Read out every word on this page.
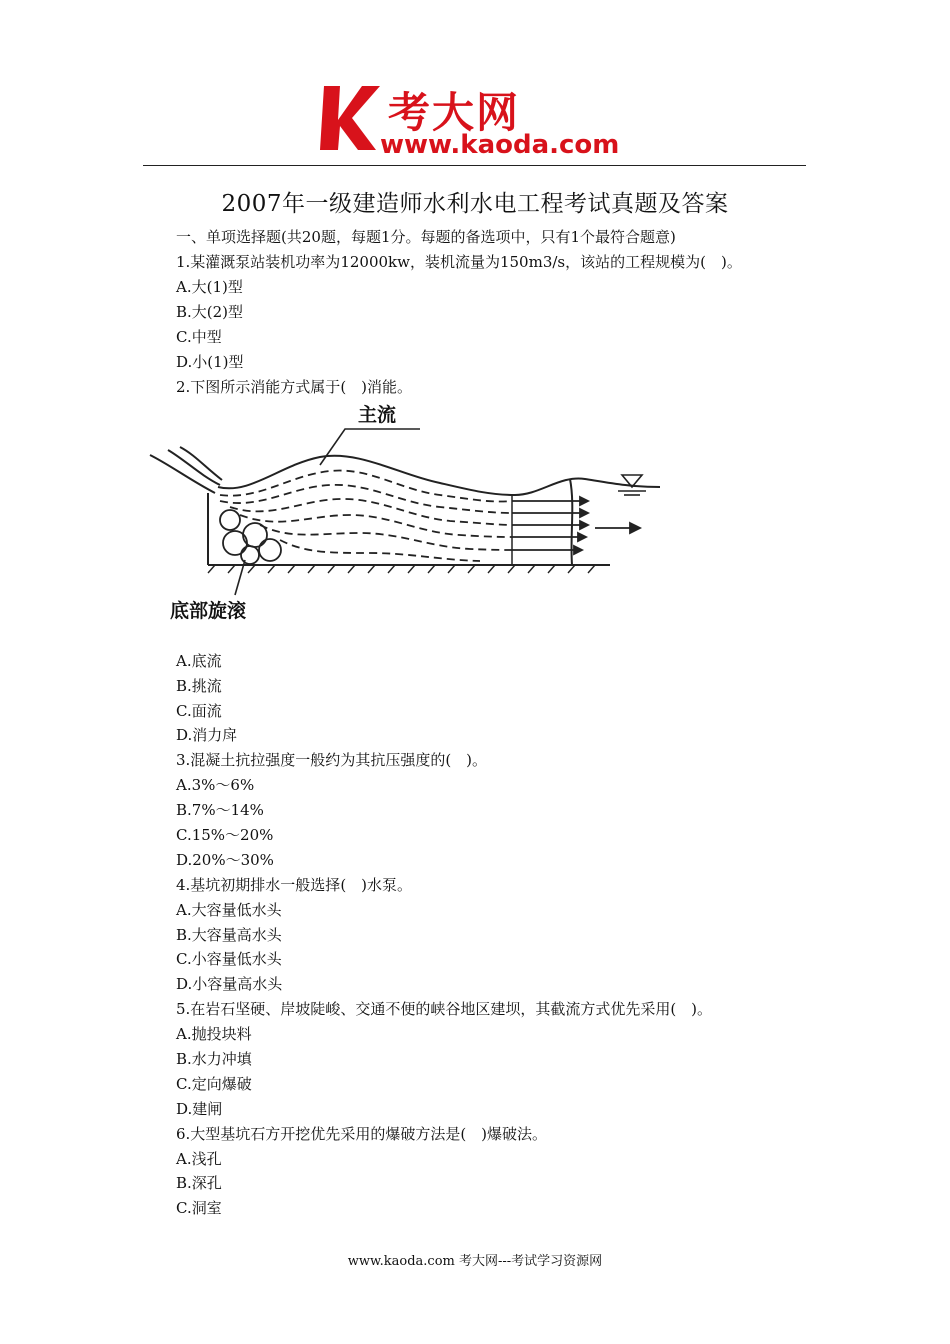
考大网
www.kaoda.com
2007年一级建造师水利水电工程考试真题及答案
一、单项选择题(共20题，每题1分。每题的备选项中，只有1个最符合题意)
1.某灌溉泵站装机功率为12000kw，装机流量为150m3/s，该站的工程规模为(　)。
A.大(1)型
B.大(2)型
C.中型
D.小(1)型
2.下图所示消能方式属于(　)消能。
主流
底部旋滚
A.底流
B.挑流
C.面流
D.消力戽
3.混凝土抗拉强度一般约为其抗压强度的(　)。
A.3%～6%
B.7%～14%
C.15%～20%
D.20%～30%
4.基坑初期排水一般选择(　)水泵。
A.大容量低水头
B.大容量高水头
C.小容量低水头
D.小容量高水头
5.在岩石坚硬、岸坡陡峻、交通不便的峡谷地区建坝，其截流方式优先采用(　)。
A.抛投块料
B.水力冲填
C.定向爆破
D.建闸
6.大型基坑石方开挖优先采用的爆破方法是(　)爆破法。
A.浅孔
B.深孔
C.洞室
www.kaoda.com 考大网---考试学习资源网
